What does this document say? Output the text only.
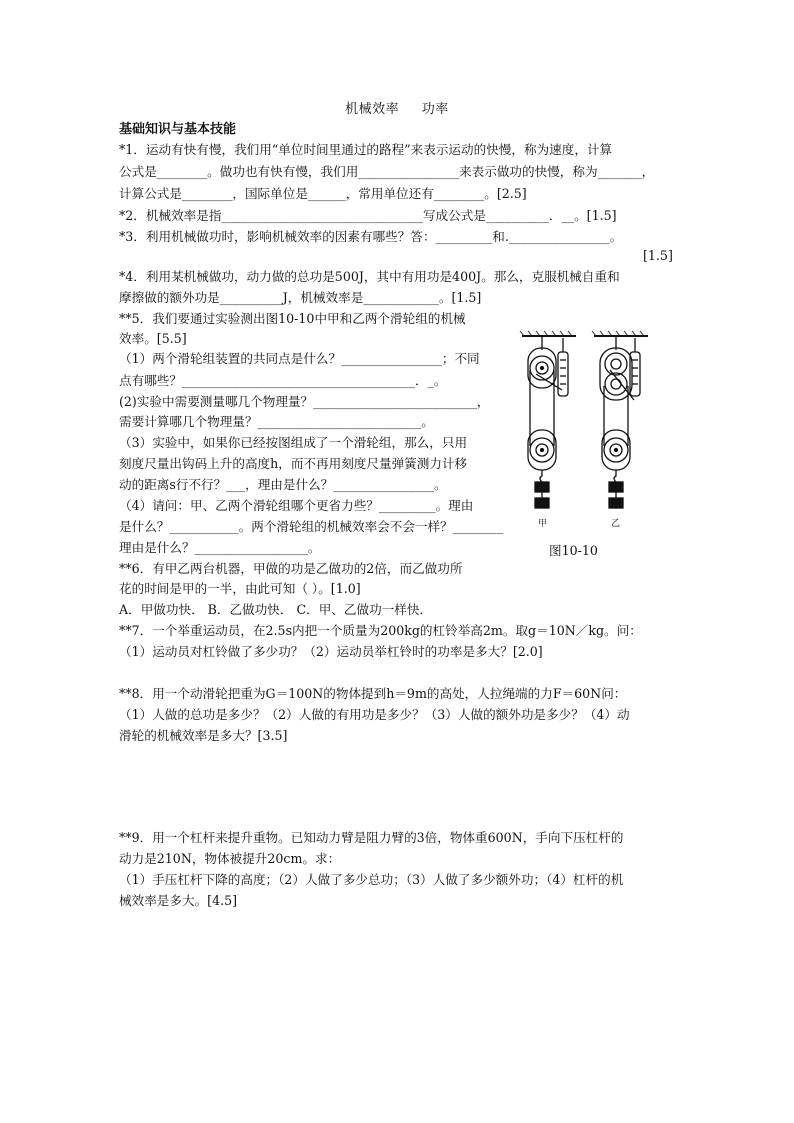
机械效率 功率
基础知识与基本技能
*1．运动有快有慢，我们用“单位时间里通过的路程”来表示运动的快慢，称为速度，计算
公式是________。做功也有快有慢，我们用________________来表示做功的快慢，称为_______，
计算公式是________，国际单位是______，常用单位还有________。[2.5]
*2．机械效率是指________________________________写成公式是__________．__。[1.5]
*3．利用机械做功时，影响机械效率的因素有哪些？答：_________和.________________。
[1.5]
*4．利用某机械做功，动力做的总功是500J，其中有用功是400J。那么，克服机械自重和
摩擦做的额外功是__________J，机械效率是____________。[1.5]
**5．我们要通过实验测出图10-10中甲和乙两个滑轮组的机械
效率。[5.5]
（1）两个滑轮组装置的共同点是什么？________________；不同
点有哪些？_____________________________________．_。
(2)实验中需要测量哪几个物理量？__________________________，
需要计算哪几个物理量？__________________________。
（3）实验中，如果你已经按图组成了一个滑轮组，那么，只用
刻度尺量出钩码上升的高度h，而不再用刻度尺量弹簧测力计移
动的距离s行不行？___，理由是什么？________________。
（4）请问：甲、乙两个滑轮组哪个更省力些？_________。理由
是什么？___________。两个滑轮组的机械效率会不会一样？________
理由是什么？__________________。
**6．有甲乙两台机器，甲做的功是乙做功的2倍，而乙做功所
花的时间是甲的一半，由此可知（ ）。[1.0]
A．甲做功快． B．乙做功快． C．甲、乙做功一样快．
**7．一个举重运动员，在2.5s内把一个质量为200kg的杠铃举高2m。取g＝10N／kg。问：
（1）运动员对杠铃做了多少功？（2）运动员举杠铃时的功率是多大？[2.0]
**8．用一个动滑轮把重为G＝100N的物体提到h＝9m的高处，人拉绳端的力F＝60N问：
（1）人做的总功是多少？（2）人做的有用功是多少？（3）人做的额外功是多少？（4）动
滑轮的机械效率是多大？[3.5]
**9．用一个杠杆来提升重物。已知动力臂是阻力臂的3倍，物体重600N，手向下压杠杆的
动力是210N，物体被提升20cm。求：
（1）手压杠杆下降的高度；（2）人做了多少总功；（3）人做了多少额外功；（4）杠杆的机
械效率是多大。[4.5]
甲	乙
图10-10
